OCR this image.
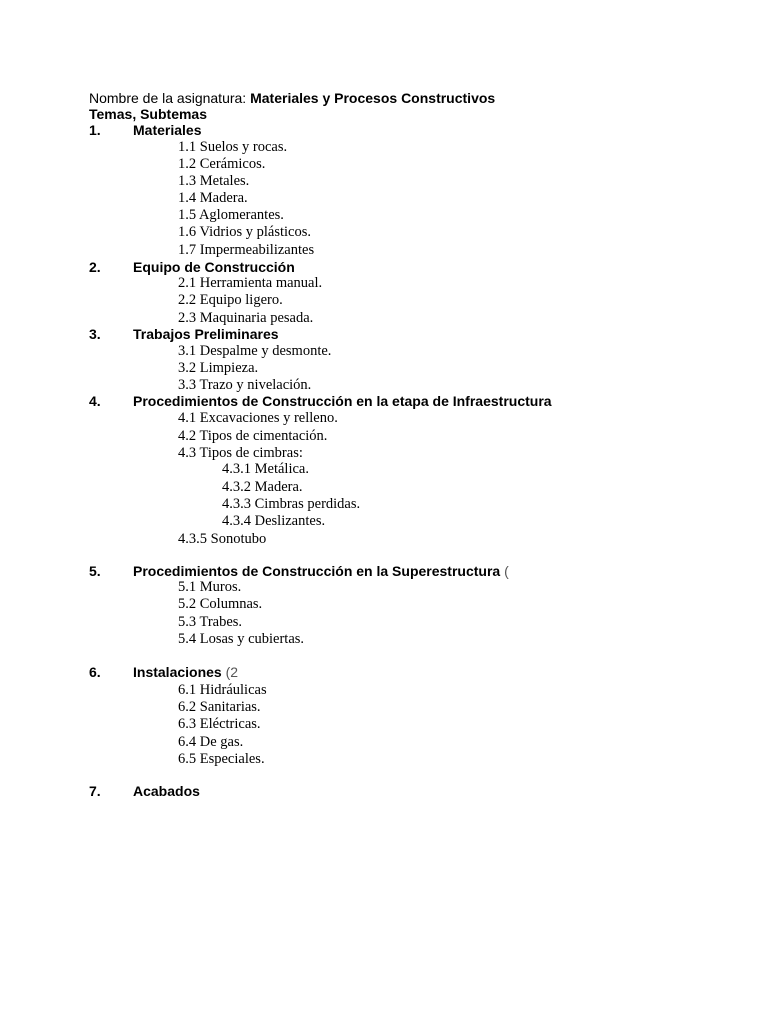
Nombre de la asignatura: Materiales y Procesos Constructivos
Temas, Subtemas
1. Materiales
1.1 Suelos y rocas.
1.2 Cerámicos.
1.3 Metales.
1.4 Madera.
1.5 Aglomerantes.
1.6 Vidrios y plásticos.
1.7 Impermeabilizantes
2. Equipo de Construcción
2.1 Herramienta manual.
2.2 Equipo ligero.
2.3 Maquinaria pesada.
3. Trabajos Preliminares
3.1 Despalme y desmonte.
3.2 Limpieza.
3.3 Trazo y nivelación.
4. Procedimientos de Construcción en la etapa de Infraestructura
4.1 Excavaciones y relleno.
4.2 Tipos de cimentación.
4.3 Tipos de cimbras:
4.3.1 Metálica.
4.3.2 Madera.
4.3.3 Cimbras perdidas.
4.3.4 Deslizantes.
4.3.5 Sonotubo
5. Procedimientos de Construcción en la Superestructura (
5.1 Muros.
5.2 Columnas.
5.3 Trabes.
5.4 Losas y cubiertas.
6. Instalaciones (2
6.1 Hidráulicas
6.2 Sanitarias.
6.3 Eléctricas.
6.4 De gas.
6.5 Especiales.
7. Acabados
